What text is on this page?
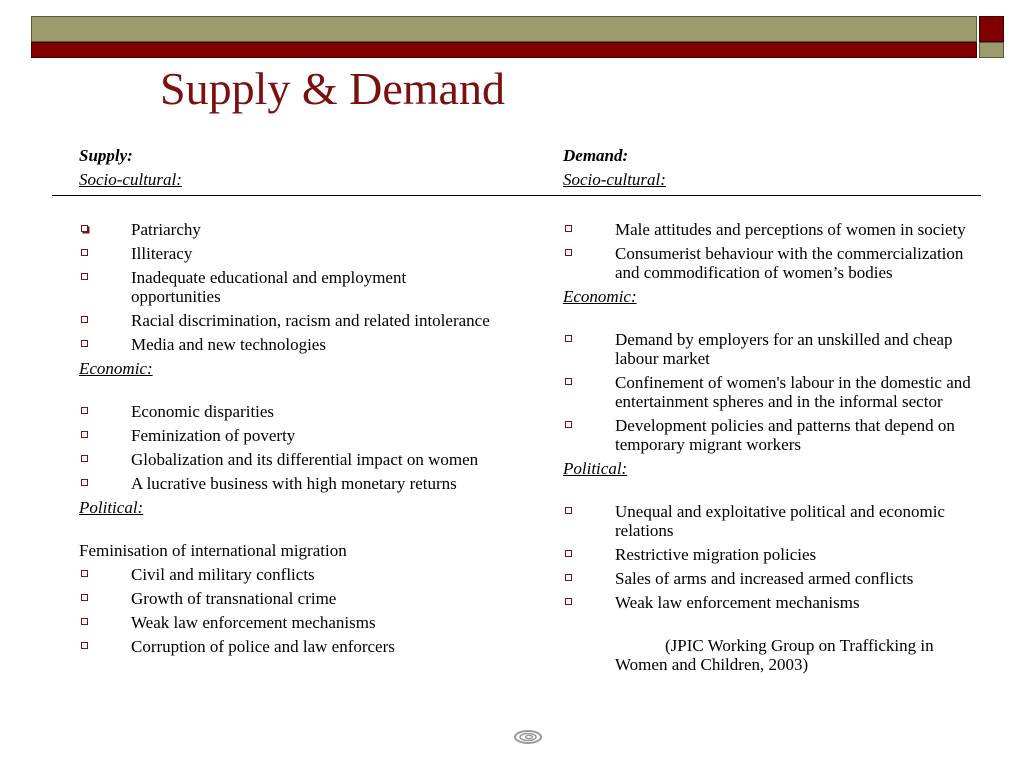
Supply & Demand
Supply:
Socio-cultural:
Patriarchy
Illiteracy
Inadequate educational and employment opportunities
Racial discrimination, racism and related intolerance
Media and new technologies
Economic:
Economic disparities
Feminization of poverty
Globalization and its differential impact on women
A lucrative business with high monetary returns
Political:
Feminisation of international migration
Civil and military conflicts
Growth of transnational crime
Weak law enforcement mechanisms
Corruption of police and law enforcers
Demand:
Socio-cultural:
Male attitudes and perceptions of women in society
Consumerist behaviour with the commercialization and commodification of women’s bodies
Economic:
Demand by employers for an unskilled and cheap labour market
Confinement of women's labour in the domestic and entertainment spheres and in the informal sector
Development policies and patterns that depend on temporary migrant workers
Political:
Unequal and exploitative political and economic relations
Restrictive migration policies
Sales of arms and increased armed conflicts
Weak law enforcement mechanisms
(JPIC Working Group on Trafficking in Women and Children, 2003)
